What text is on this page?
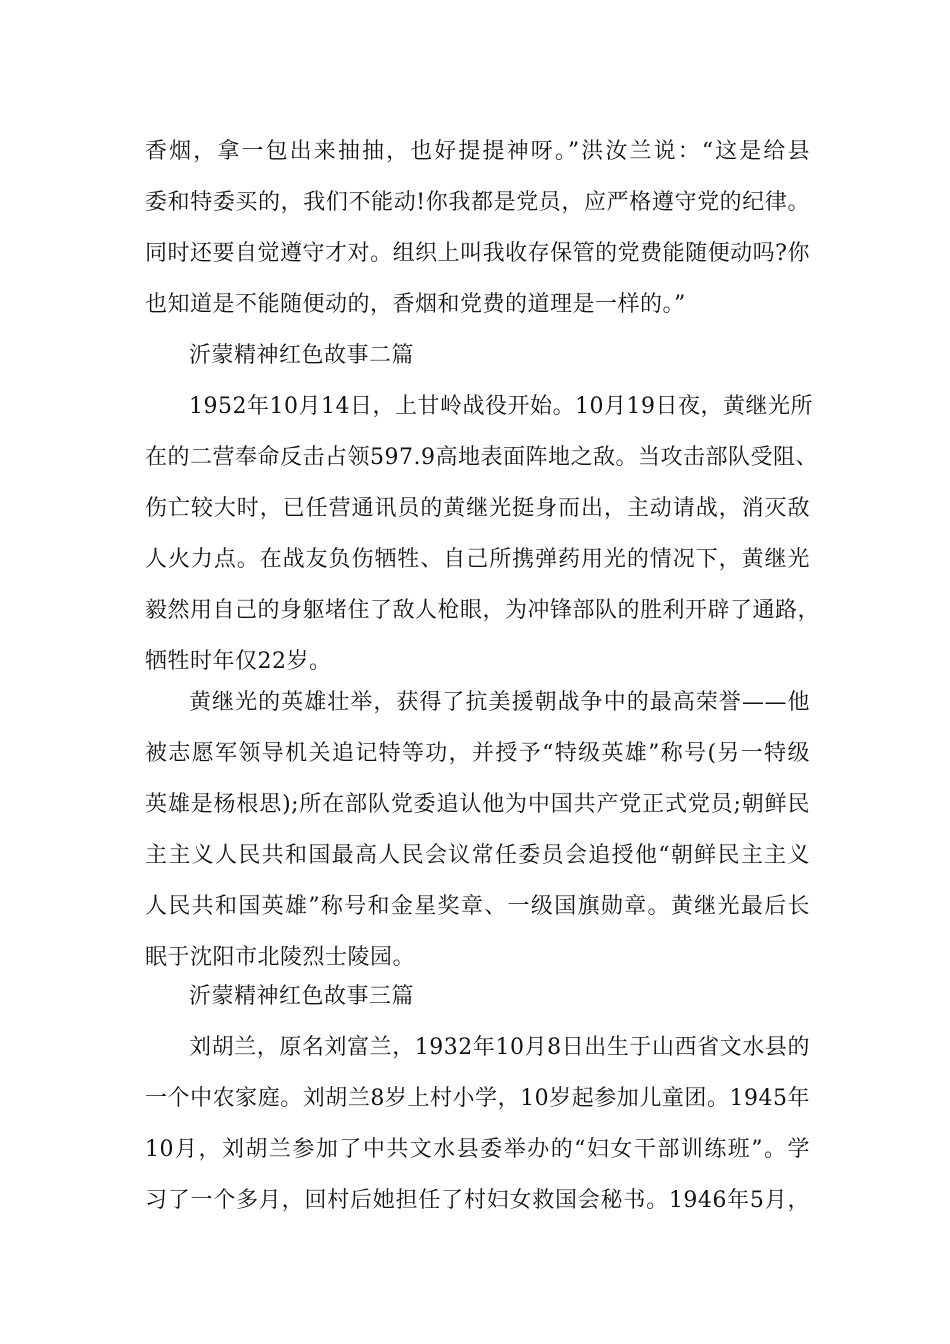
香烟，拿一包出来抽抽，也好提提神呀。”洪汝兰说：“这是给县
委和特委买的，我们不能动!你我都是党员，应严格遵守党的纪律。
同时还要自觉遵守才对。组织上叫我收存保管的党费能随便动吗?你
也知道是不能随便动的，香烟和党费的道理是一样的。”
沂蒙精神红色故事二篇
1952年10月14日，上甘岭战役开始。10月19日夜，黄继光所
在的二营奉命反击占领597.9高地表面阵地之敌。当攻击部队受阻、
伤亡较大时，已任营通讯员的黄继光挺身而出，主动请战，消灭敌
人火力点。在战友负伤牺牲、自己所携弹药用光的情况下，黄继光
毅然用自己的身躯堵住了敌人枪眼，为冲锋部队的胜利开辟了通路，
牺牲时年仅22岁。
黄继光的英雄壮举，获得了抗美援朝战争中的最高荣誉——他
被志愿军领导机关追记特等功，并授予“特级英雄”称号(另一特级
英雄是杨根思);所在部队党委追认他为中国共产党正式党员;朝鲜民
主主义人民共和国最高人民会议常任委员会追授他“朝鲜民主主义
人民共和国英雄”称号和金星奖章、一级国旗勋章。黄继光最后长
眠于沈阳市北陵烈士陵园。
沂蒙精神红色故事三篇
刘胡兰，原名刘富兰，1932年10月8日出生于山西省文水县的
一个中农家庭。刘胡兰8岁上村小学，10岁起参加儿童团。1945年
10月，刘胡兰参加了中共文水县委举办的“妇女干部训练班”。学
习了一个多月，回村后她担任了村妇女救国会秘书。1946年5月，
